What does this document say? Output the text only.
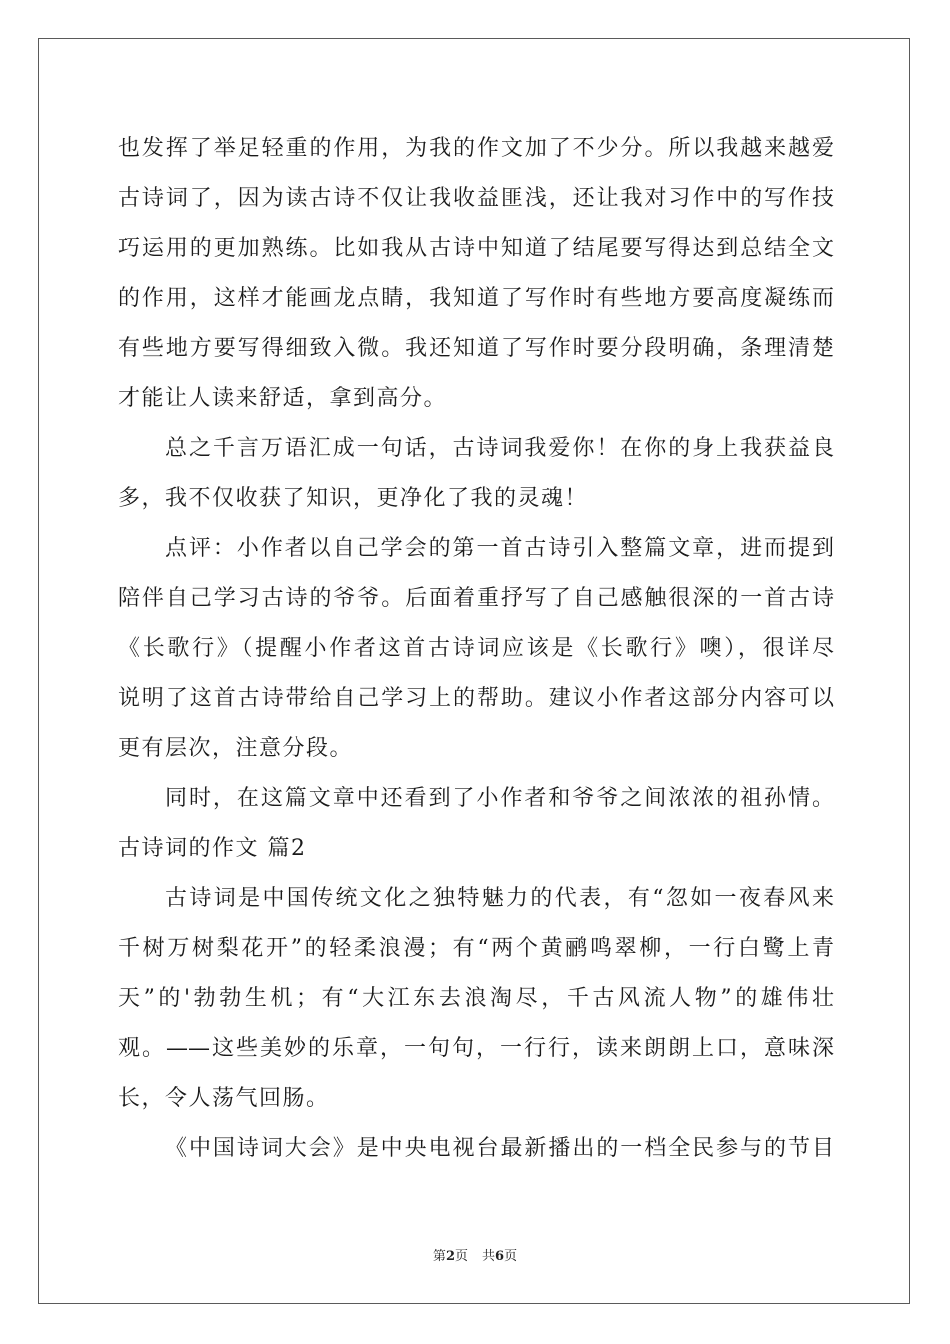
也发挥了举足轻重的作用，为我的作文加了不少分。所以我越来越爱
古诗词了，因为读古诗不仅让我收益匪浅，还让我对习作中的写作技
巧运用的更加熟练。比如我从古诗中知道了结尾要写得达到总结全文
的作用，这样才能画龙点睛，我知道了写作时有些地方要高度凝练而
有些地方要写得细致入微。我还知道了写作时要分段明确，条理清楚
才能让人读来舒适，拿到高分。
总之千言万语汇成一句话，古诗词我爱你！在你的身上我获益良
多，我不仅收获了知识，更净化了我的灵魂！
点评：小作者以自己学会的第一首古诗引入整篇文章，进而提到
陪伴自己学习古诗的爷爷。后面着重抒写了自己感触很深的一首古诗
《长歌行》（提醒小作者这首古诗词应该是《长歌行》噢），很详尽
说明了这首古诗带给自己学习上的帮助。建议小作者这部分内容可以
更有层次，注意分段。
同时，在这篇文章中还看到了小作者和爷爷之间浓浓的祖孙情。
古诗词的作文 篇2
古诗词是中国传统文化之独特魅力的代表，有“忽如一夜春风来
千树万树梨花开”的轻柔浪漫；有“两个黄鹂鸣翠柳，一行白鹭上青
天”的'勃勃生机；有“大江东去浪淘尽，千古风流人物”的雄伟壮
观。——这些美妙的乐章，一句句，一行行，读来朗朗上口，意味深
长，令人荡气回肠。
《中国诗词大会》是中央电视台最新播出的一档全民参与的节目
第2页 共6页
